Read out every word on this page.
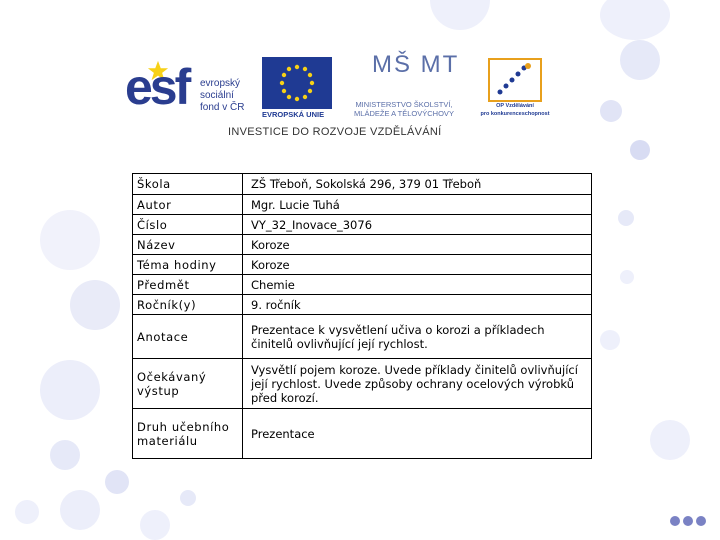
esf evropský
sociální
fond v ČR
EVROPSKÁ UNIE
MŠ MT
MINISTERSTVO ŠKOLSTVÍ,
MLÁDEŽE A TĚLOVÝCHOVY
OP Vzdělávání
pro konkurenceschopnost
INVESTICE DO ROZVOJE VZDĚLÁVÁNÍ
Škola	ZŠ Třeboň, Sokolská 296, 379 01 Třeboň
Autor	Mgr. Lucie Tuhá
Číslo	VY_32_Inovace_3076
Název	Koroze
Téma hodiny	Koroze
Předmět	Chemie
Ročník(y)	9. ročník
Anotace	Prezentace k vysvětlení učiva o korozi a příkladech činitelů ovlivňující její rychlost.
Očekávaný výstup	Vysvětlí pojem koroze. Uvede příklady činitelů ovlivňující její rychlost. Uvede způsoby ochrany ocelových výrobků před korozí.
Druh učebního materiálu	Prezentace
